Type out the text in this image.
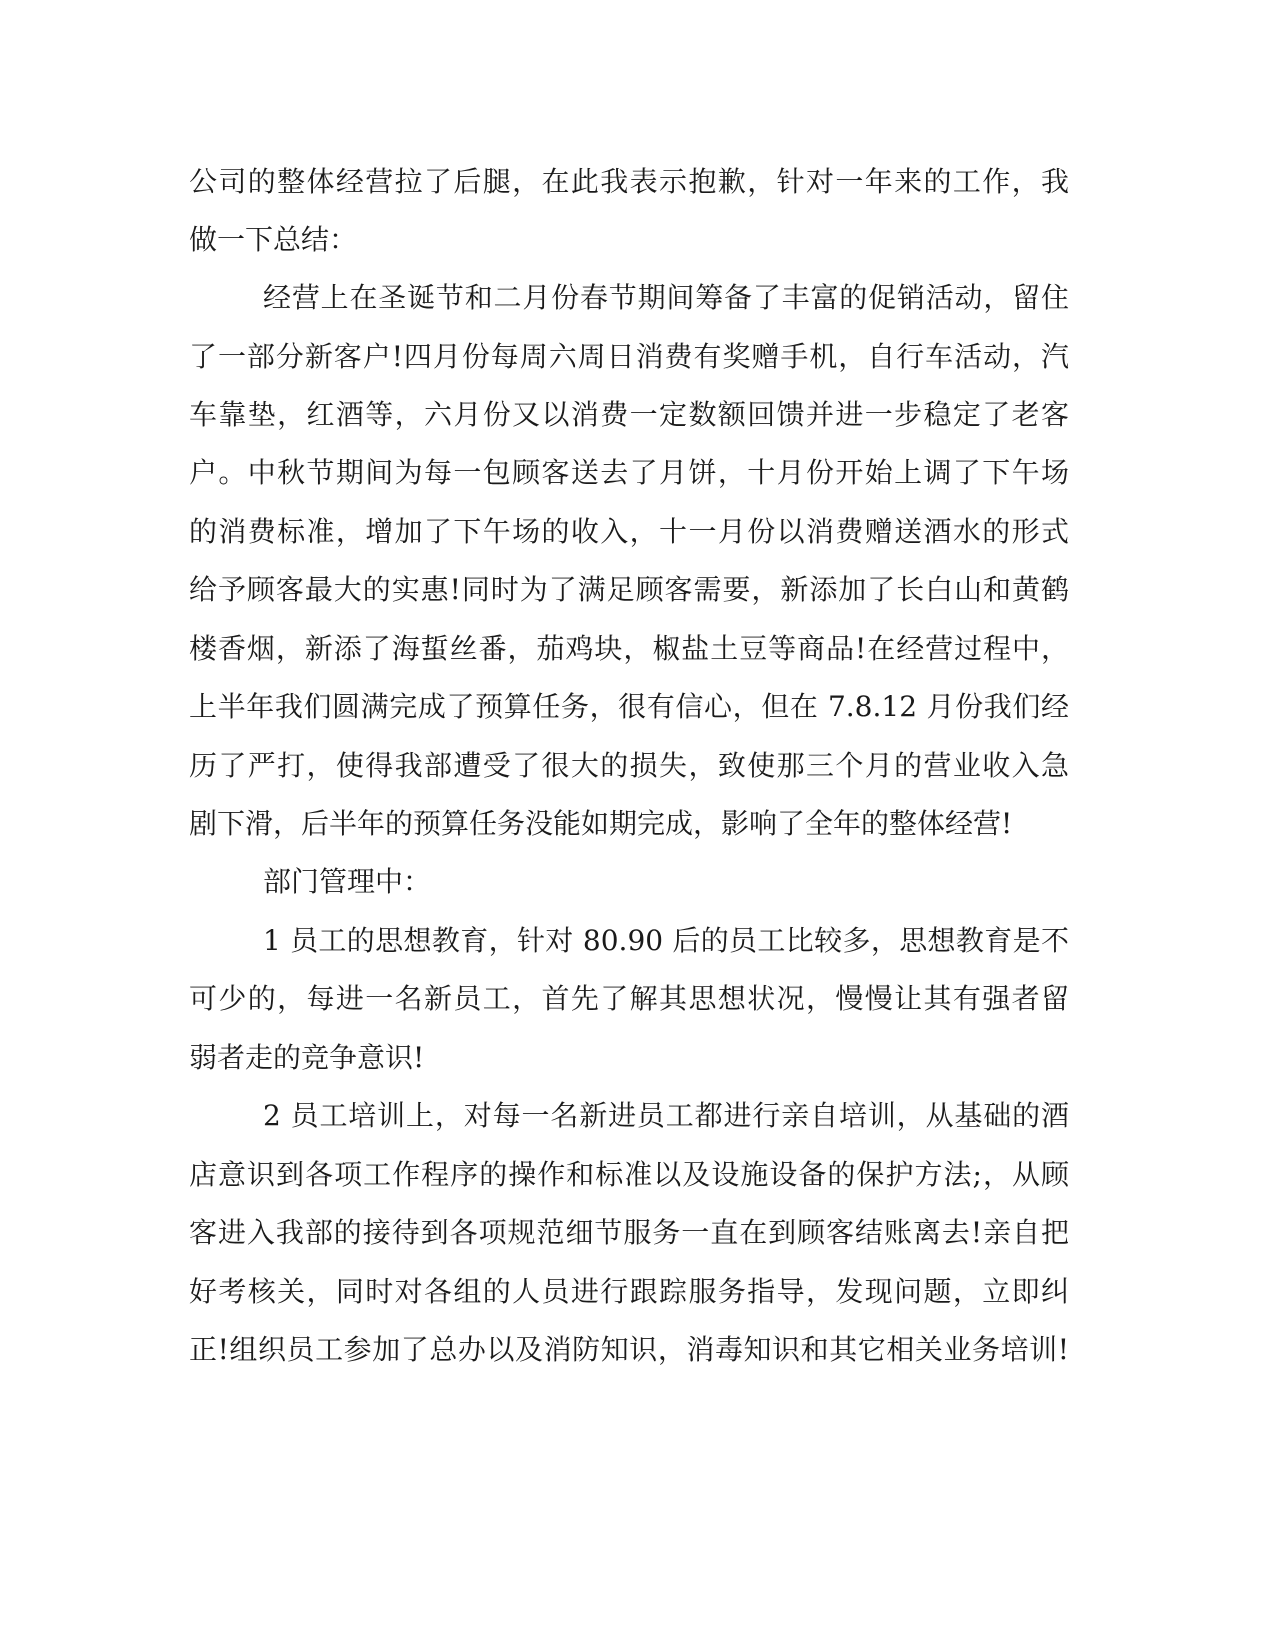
公司的整体经营拉了后腿，在此我表示抱歉，针对一年来的工作，我
做一下总结：
经营上在圣诞节和二月份春节期间筹备了丰富的促销活动，留住
了一部分新客户!四月份每周六周日消费有奖赠手机，自行车活动，汽
车靠垫，红酒等，六月份又以消费一定数额回馈并进一步稳定了老客
户。中秋节期间为每一包顾客送去了月饼，十月份开始上调了下午场
的消费标准，增加了下午场的收入，十一月份以消费赠送酒水的形式
给予顾客最大的实惠!同时为了满足顾客需要，新添加了长白山和黄鹤
楼香烟，新添了海蜇丝番，茄鸡块，椒盐土豆等商品!在经营过程中，
上半年我们圆满完成了预算任务，很有信心，但在 7.8.12 月份我们经
历了严打，使得我部遭受了很大的损失，致使那三个月的营业收入急
剧下滑，后半年的预算任务没能如期完成，影响了全年的整体经营!
部门管理中：
1 员工的思想教育，针对 80.90 后的员工比较多，思想教育是不
可少的，每进一名新员工，首先了解其思想状况，慢慢让其有强者留
弱者走的竞争意识!
2 员工培训上，对每一名新进员工都进行亲自培训，从基础的酒
店意识到各项工作程序的操作和标准以及设施设备的保护方法;，从顾
客进入我部的接待到各项规范细节服务一直在到顾客结账离去!亲自把
好考核关，同时对各组的人员进行跟踪服务指导，发现问题，立即纠
正!组织员工参加了总办以及消防知识，消毒知识和其它相关业务培训!
